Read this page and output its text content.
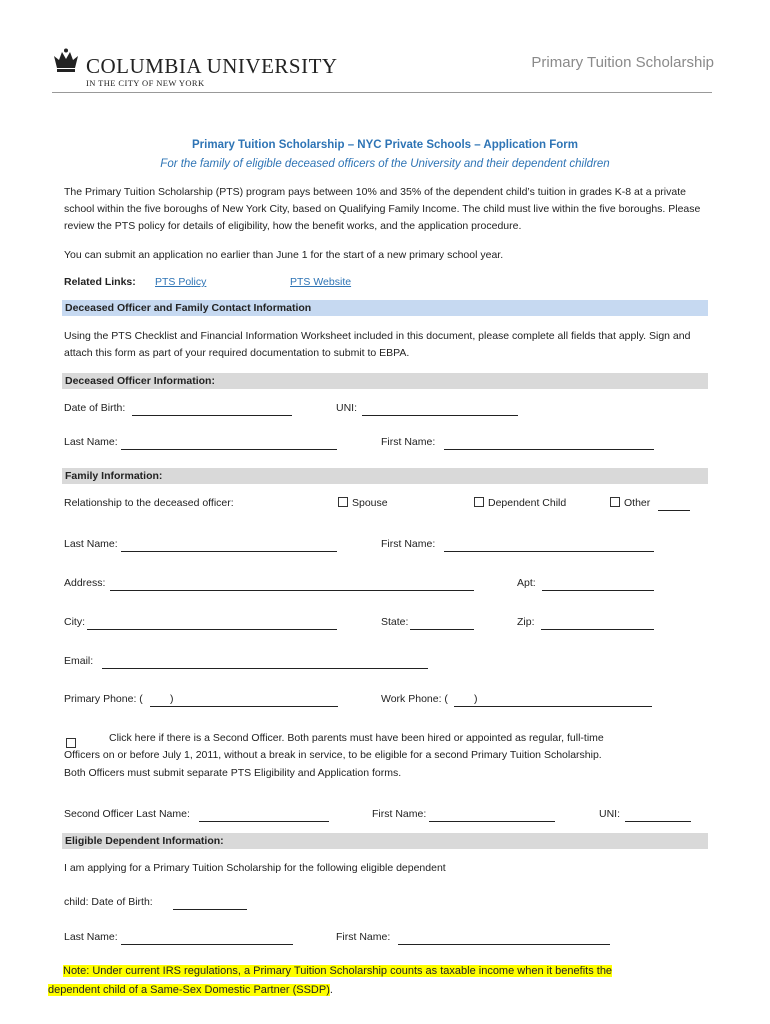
COLUMBIA UNIVERSITY
IN THE CITY OF NEW YORK
Primary Tuition Scholarship
Primary Tuition Scholarship – NYC Private Schools – Application Form
For the family of eligible deceased officers of the University and their dependent children
The Primary Tuition Scholarship (PTS) program pays between 10% and 35% of the dependent child’s tuition in grades K-8 at a private school within the five boroughs of New York City, based on Qualifying Family Income. The child must live within the five boroughs. Please review the PTS policy for details of eligibility, how the benefit works, and the application procedure.
You can submit an application no earlier than June 1 for the start of a new primary school year.
Related Links: PTS Policy	PTS Website
Deceased Officer and Family Contact Information
Using the PTS Checklist and Financial Information Worksheet included in this document, please complete all fields that apply. Sign and attach this form as part of your required documentation to submit to EBPA.
Deceased Officer Information:
Date of Birth:	UNI:
Last Name:	First Name:
Family Information:
Relationship to the deceased officer:	Spouse	Dependent Child	Other
Last Name:	First Name:
Address:	Apt:
City:	State:	Zip:
Email:
Primary Phone: (	)	Work Phone: ( )
Click here if there is a Second Officer. Both parents must have been hired or appointed as regular, full-time
Officers on or before July 1, 2011, without a break in service, to be eligible for a second Primary Tuition Scholarship.
Both Officers must submit separate PTS Eligibility and Application forms.
Second Officer Last Name:	First Name:	UNI:
Eligible Dependent Information:
I am applying for a Primary Tuition Scholarship for the following eligible dependent
child: Date of Birth:
Last Name:	First Name:
Note: Under current IRS regulations, a Primary Tuition Scholarship counts as taxable income when it benefits the
dependent child of a Same-Sex Domestic Partner (SSDP).
